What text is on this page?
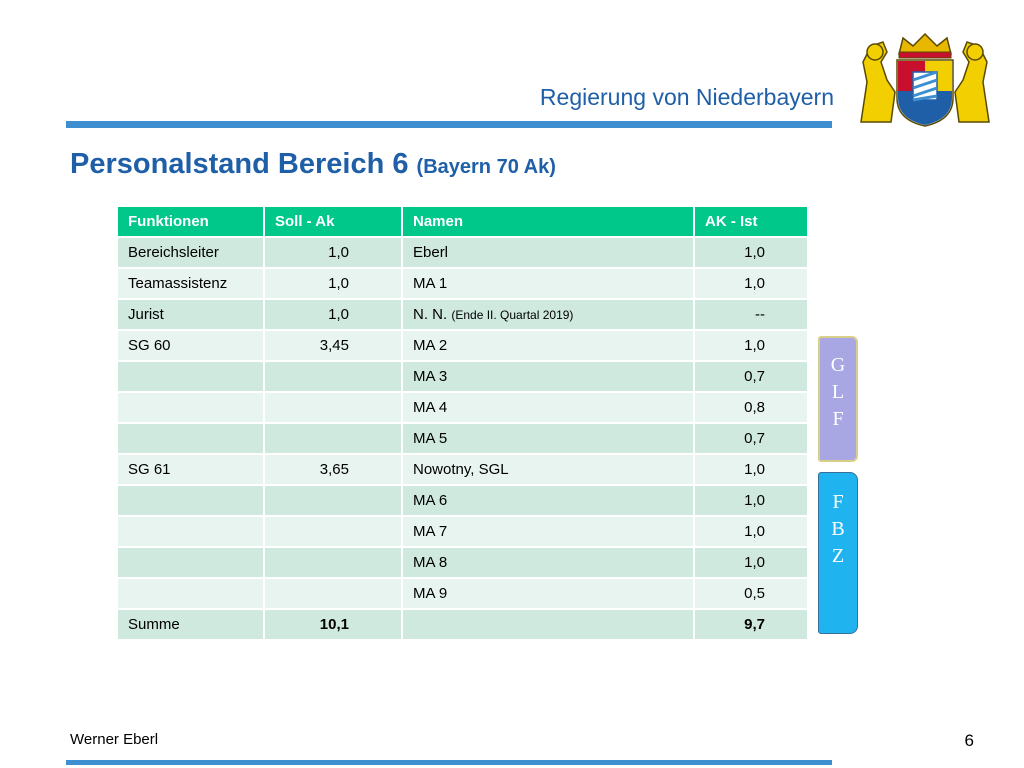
Regierung von Niederbayern
Personalstand Bereich 6 (Bayern 70 Ak)
Funktionen	Soll - Ak	Namen	AK - Ist
Bereichsleiter	1,0	Eberl	1,0
Teamassistenz	1,0	MA 1	1,0
Jurist	1,0	N. N. (Ende II. Quartal 2019)	--
SG 60	3,45	MA 2	1,0
		MA 3	0,7
		MA 4	0,8
		MA 5	0,7
SG 61	3,65	Nowotny, SGL	1,0
		MA 6	1,0
		MA 7	1,0
		MA 8	1,0
		MA 9	0,5
Summe	10,1		9,7
G
L
F
F
B
Z
Werner Eberl	6
